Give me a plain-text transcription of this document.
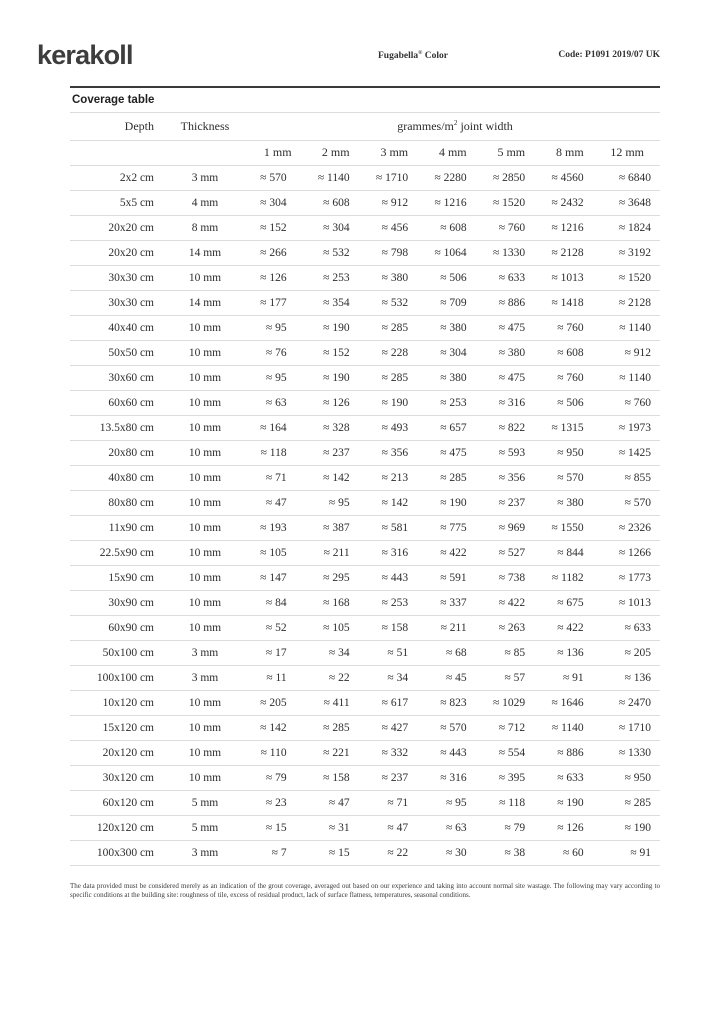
kerakoll	Fugabella® Color	Code: P1091 2019/07 UK
Coverage table
Depth	Thickness	grammes/$m^2$ joint width						
		1 mm	2 mm	3 mm	4 mm	5 mm	8 mm	12 mm
2x2 cm	3 mm	≈ 570	≈ 1140	≈ 1710	≈ 2280	≈ 2850	≈ 4560	≈ 6840
5x5 cm	4 mm	≈ 304	≈ 608	≈ 912	≈ 1216	≈ 1520	≈ 2432	≈ 3648
20x20 cm	8 mm	≈ 152	≈ 304	≈ 456	≈ 608	≈ 760	≈ 1216	≈ 1824
20x20 cm	14 mm	≈ 266	≈ 532	≈ 798	≈ 1064	≈ 1330	≈ 2128	≈ 3192
30x30 cm	10 mm	≈ 126	≈ 253	≈ 380	≈ 506	≈ 633	≈ 1013	≈ 1520
30x30 cm	14 mm	≈ 177	≈ 354	≈ 532	≈ 709	≈ 886	≈ 1418	≈ 2128
40x40 cm	10 mm	≈ 95	≈ 190	≈ 285	≈ 380	≈ 475	≈ 760	≈ 1140
50x50 cm	10 mm	≈ 76	≈ 152	≈ 228	≈ 304	≈ 380	≈ 608	≈ 912
30x60 cm	10 mm	≈ 95	≈ 190	≈ 285	≈ 380	≈ 475	≈ 760	≈ 1140
60x60 cm	10 mm	≈ 63	≈ 126	≈ 190	≈ 253	≈ 316	≈ 506	≈ 760
13.5x80 cm	10 mm	≈ 164	≈ 328	≈ 493	≈ 657	≈ 822	≈ 1315	≈ 1973
20x80 cm	10 mm	≈ 118	≈ 237	≈ 356	≈ 475	≈ 593	≈ 950	≈ 1425
40x80 cm	10 mm	≈ 71	≈ 142	≈ 213	≈ 285	≈ 356	≈ 570	≈ 855
80x80 cm	10 mm	≈ 47	≈ 95	≈ 142	≈ 190	≈ 237	≈ 380	≈ 570
11x90 cm	10 mm	≈ 193	≈ 387	≈ 581	≈ 775	≈ 969	≈ 1550	≈ 2326
22.5x90 cm	10 mm	≈ 105	≈ 211	≈ 316	≈ 422	≈ 527	≈ 844	≈ 1266
15x90 cm	10 mm	≈ 147	≈ 295	≈ 443	≈ 591	≈ 738	≈ 1182	≈ 1773
30x90 cm	10 mm	≈ 84	≈ 168	≈ 253	≈ 337	≈ 422	≈ 675	≈ 1013
60x90 cm	10 mm	≈ 52	≈ 105	≈ 158	≈ 211	≈ 263	≈ 422	≈ 633
50x100 cm	3 mm	≈ 17	≈ 34	≈ 51	≈ 68	≈ 85	≈ 136	≈ 205
100x100 cm	3 mm	≈ 11	≈ 22	≈ 34	≈ 45	≈ 57	≈ 91	≈ 136
10x120 cm	10 mm	≈ 205	≈ 411	≈ 617	≈ 823	≈ 1029	≈ 1646	≈ 2470
15x120 cm	10 mm	≈ 142	≈ 285	≈ 427	≈ 570	≈ 712	≈ 1140	≈ 1710
20x120 cm	10 mm	≈ 110	≈ 221	≈ 332	≈ 443	≈ 554	≈ 886	≈ 1330
30x120 cm	10 mm	≈ 79	≈ 158	≈ 237	≈ 316	≈ 395	≈ 633	≈ 950
60x120 cm	5 mm	≈ 23	≈ 47	≈ 71	≈ 95	≈ 118	≈ 190	≈ 285
120x120 cm	5 mm	≈ 15	≈ 31	≈ 47	≈ 63	≈ 79	≈ 126	≈ 190
100x300 cm	3 mm	≈ 7	≈ 15	≈ 22	≈ 30	≈ 38	≈ 60	≈ 91

The data provided must be considered merely as an indication of the grout coverage, averaged out based on our experience and taking into account normal site wastage. The following may vary according to specific conditions at the building site: roughness of tile, excess of residual product, lack of surface flatness, temperatures, seasonal conditions.
